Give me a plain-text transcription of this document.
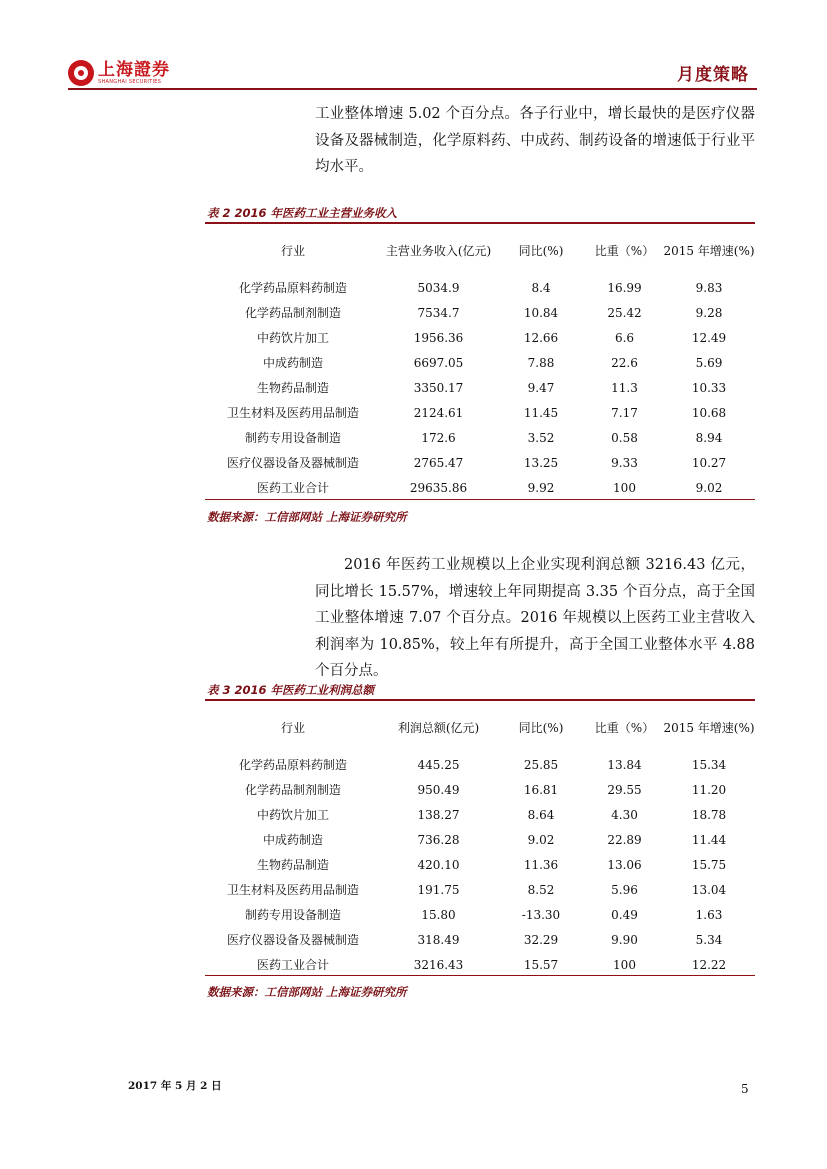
上海證券
SHANGHAI SECURITIES	月度策略
工业整体增速 5.02 个百分点。各子行业中，增长最快的是医疗仪器设备及器械制造，化学原料药、中成药、制药设备的增速低于行业平均水平。
表 2 2016 年医药工业主营业务收入
行业	主营业务收入(亿元)	同比(%)	比重（%）	2015 年增速(%)
化学药品原料药制造	5034.9	8.4	16.99	9.83
化学药品制剂制造	7534.7	10.84	25.42	9.28
中药饮片加工	1956.36	12.66	6.6	12.49
中成药制造	6697.05	7.88	22.6	5.69
生物药品制造	3350.17	9.47	11.3	10.33
卫生材料及医药用品制造	2124.61	11.45	7.17	10.68
制药专用设备制造	172.6	3.52	0.58	8.94
医疗仪器设备及器械制造	2765.47	13.25	9.33	10.27
医药工业合计	29635.86	9.92	100	9.02
数据来源：工信部网站 上海证券研究所
2016 年医药工业规模以上企业实现利润总额 3216.43 亿元，同比增长 15.57%，增速较上年同期提高 3.35 个百分点，高于全国工业整体增速 7.07 个百分点。2016 年规模以上医药工业主营收入利润率为 10.85%，较上年有所提升，高于全国工业整体水平 4.88 个百分点。
表 3 2016 年医药工业利润总额
行业	利润总额(亿元)	同比(%)	比重（%）	2015 年增速(%)
化学药品原料药制造	445.25	25.85	13.84	15.34
化学药品制剂制造	950.49	16.81	29.55	11.20
中药饮片加工	138.27	8.64	4.30	18.78
中成药制造	736.28	9.02	22.89	11.44
生物药品制造	420.10	11.36	13.06	15.75
卫生材料及医药用品制造	191.75	8.52	5.96	13.04
制药专用设备制造	15.80	-13.30	0.49	1.63
医疗仪器设备及器械制造	318.49	32.29	9.90	5.34
医药工业合计	3216.43	15.57	100	12.22
数据来源：工信部网站 上海证券研究所
2017 年 5 月 2 日	5
